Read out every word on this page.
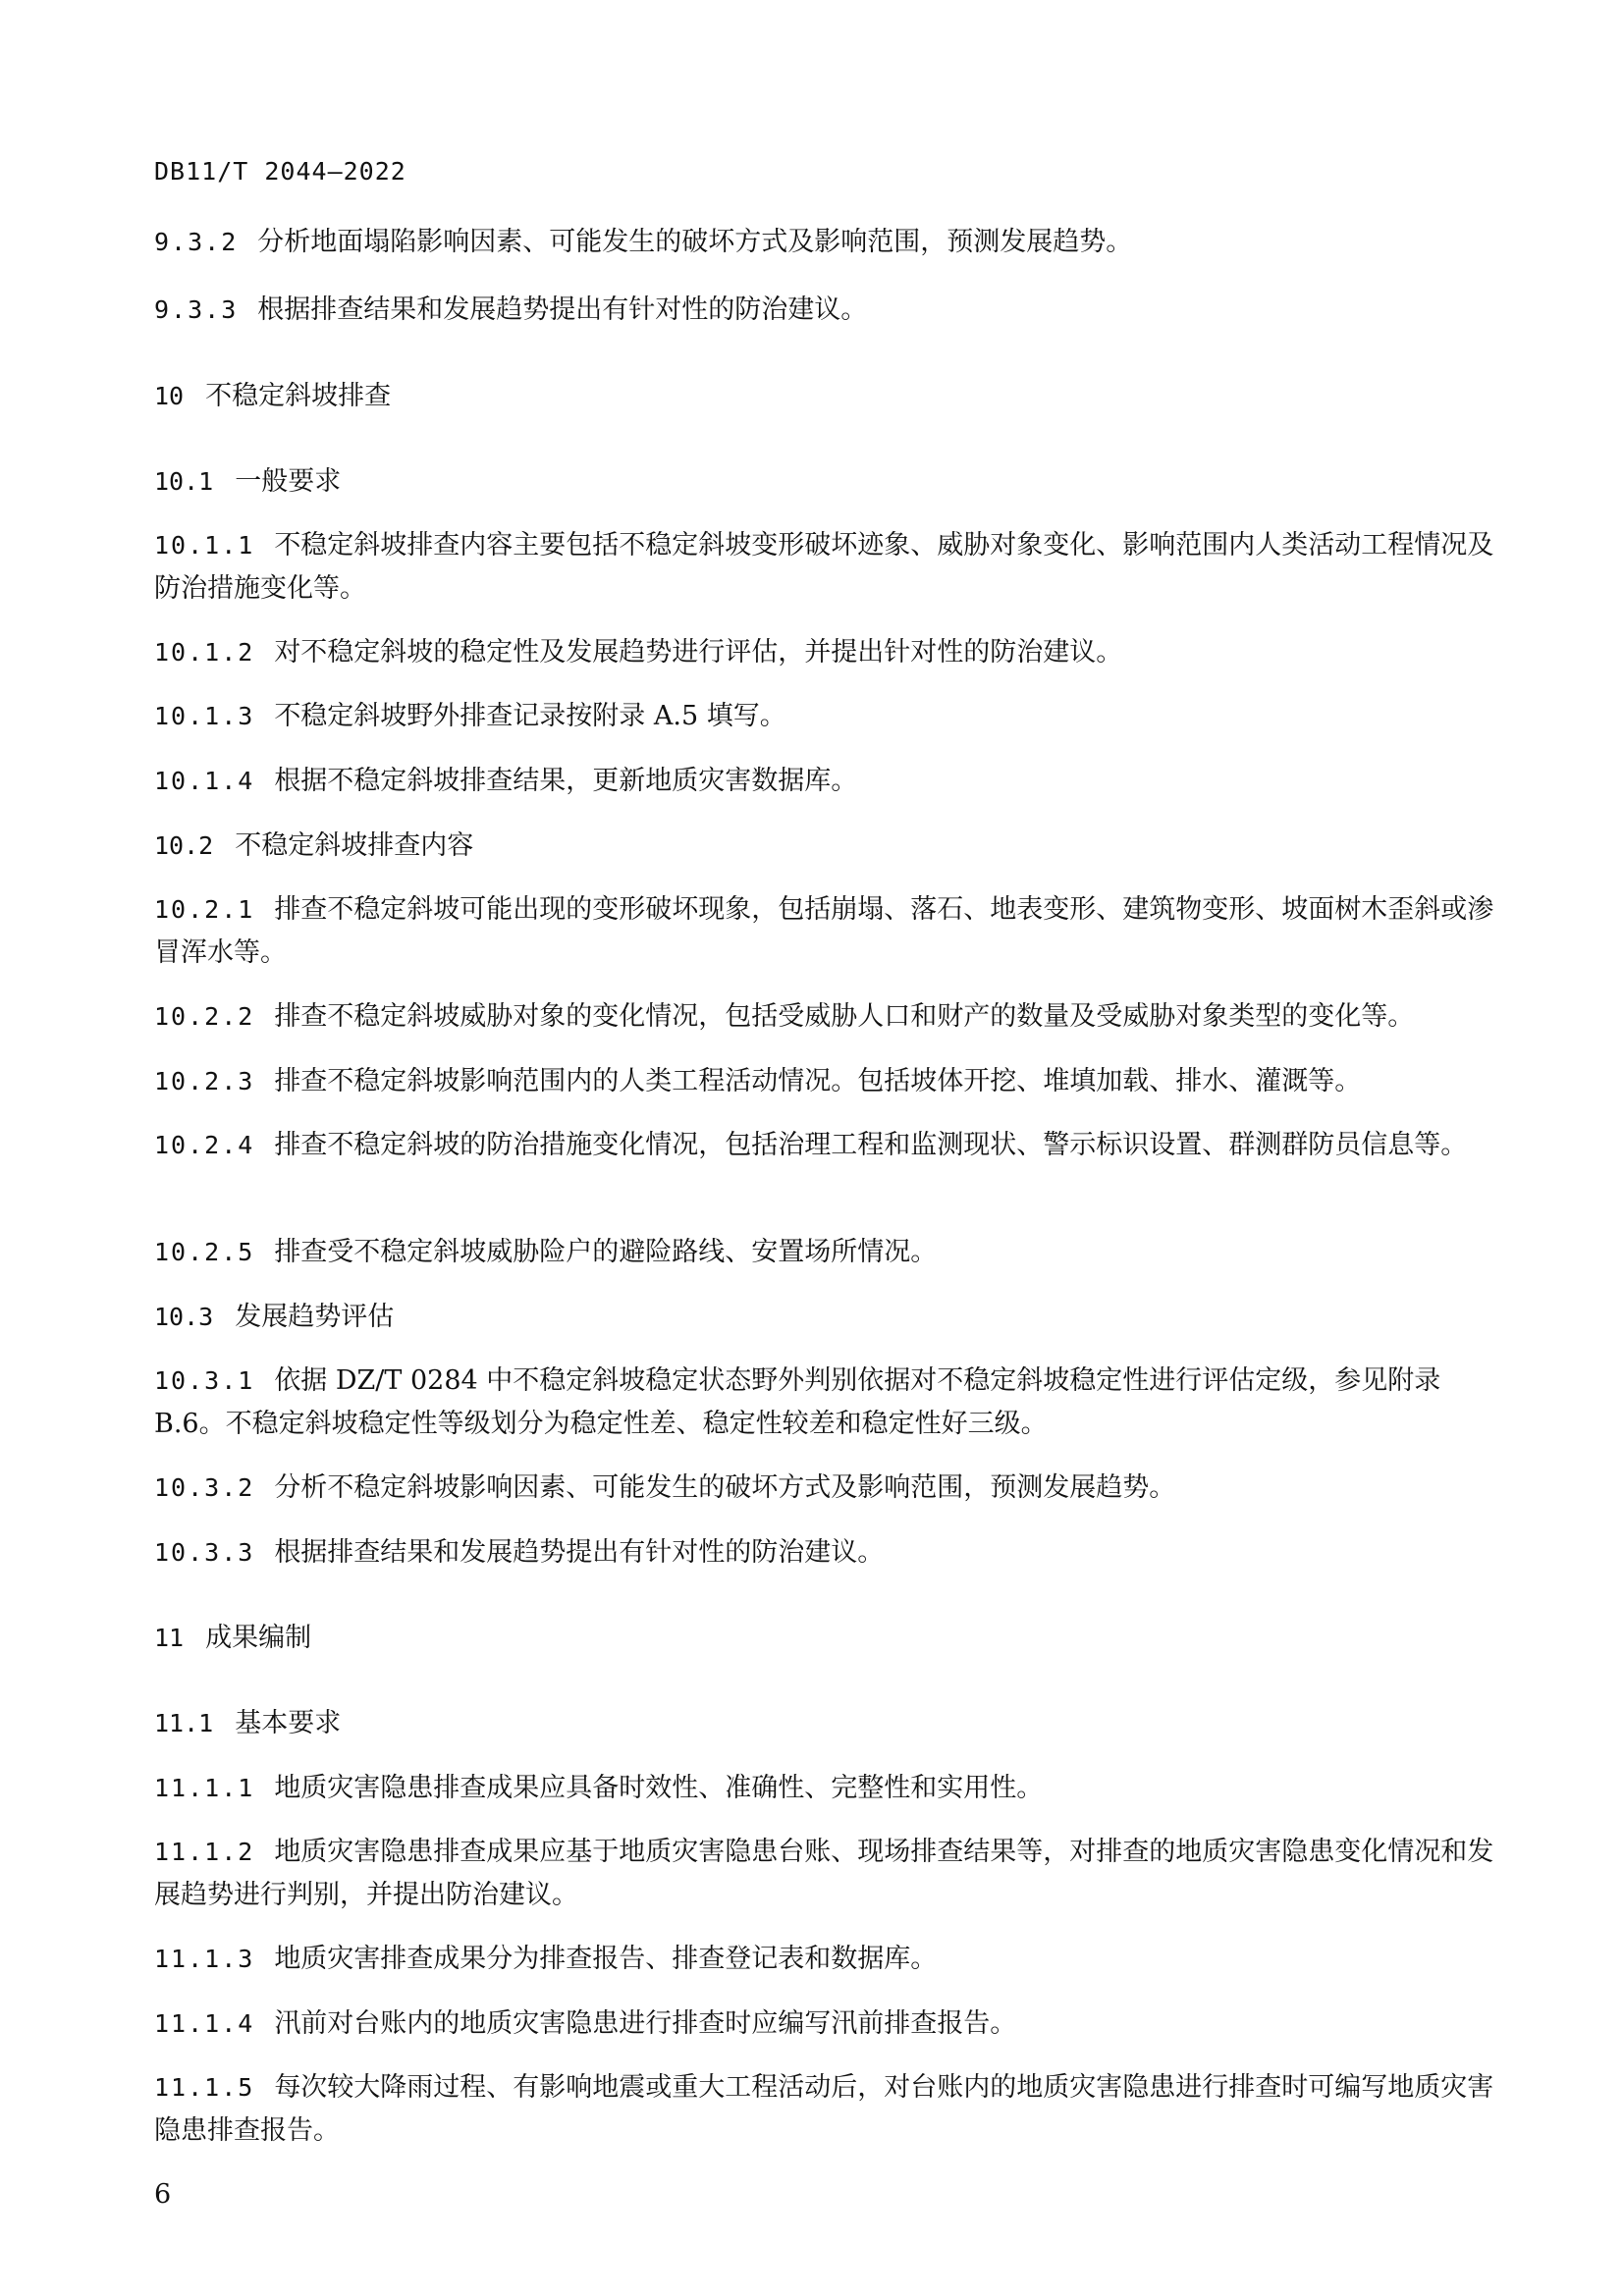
DB11/T 2044—2022
9.3.2 分析地面塌陷影响因素、可能发生的破坏方式及影响范围，预测发展趋势。
9.3.3 根据排查结果和发展趋势提出有针对性的防治建议。
10 不稳定斜坡排查
10.1 一般要求
10.1.1 不稳定斜坡排查内容主要包括不稳定斜坡变形破坏迹象、威胁对象变化、影响范围内人类活动工程情况及防治措施变化等。
10.1.2 对不稳定斜坡的稳定性及发展趋势进行评估，并提出针对性的防治建议。
10.1.3 不稳定斜坡野外排查记录按附录 A.5 填写。
10.1.4 根据不稳定斜坡排查结果，更新地质灾害数据库。
10.2 不稳定斜坡排查内容
10.2.1 排查不稳定斜坡可能出现的变形破坏现象，包括崩塌、落石、地表变形、建筑物变形、坡面树木歪斜或渗冒浑水等。
10.2.2 排查不稳定斜坡威胁对象的变化情况，包括受威胁人口和财产的数量及受威胁对象类型的变化等。
10.2.3 排查不稳定斜坡影响范围内的人类工程活动情况。包括坡体开挖、堆填加载、排水、灌溉等。
10.2.4 排查不稳定斜坡的防治措施变化情况，包括治理工程和监测现状、警示标识设置、群测群防员信息等。
10.2.5 排查受不稳定斜坡威胁险户的避险路线、安置场所情况。
10.3 发展趋势评估
10.3.1 依据 DZ/T 0284 中不稳定斜坡稳定状态野外判别依据对不稳定斜坡稳定性进行评估定级，参见附录 B.6。不稳定斜坡稳定性等级划分为稳定性差、稳定性较差和稳定性好三级。
10.3.2 分析不稳定斜坡影响因素、可能发生的破坏方式及影响范围，预测发展趋势。
10.3.3 根据排查结果和发展趋势提出有针对性的防治建议。
11 成果编制
11.1 基本要求
11.1.1 地质灾害隐患排查成果应具备时效性、准确性、完整性和实用性。
11.1.2 地质灾害隐患排查成果应基于地质灾害隐患台账、现场排查结果等，对排查的地质灾害隐患变化情况和发展趋势进行判别，并提出防治建议。
11.1.3 地质灾害排查成果分为排查报告、排查登记表和数据库。
11.1.4 汛前对台账内的地质灾害隐患进行排查时应编写汛前排查报告。
11.1.5 每次较大降雨过程、有影响地震或重大工程活动后，对台账内的地质灾害隐患进行排查时可编写地质灾害隐患排查报告。
6
